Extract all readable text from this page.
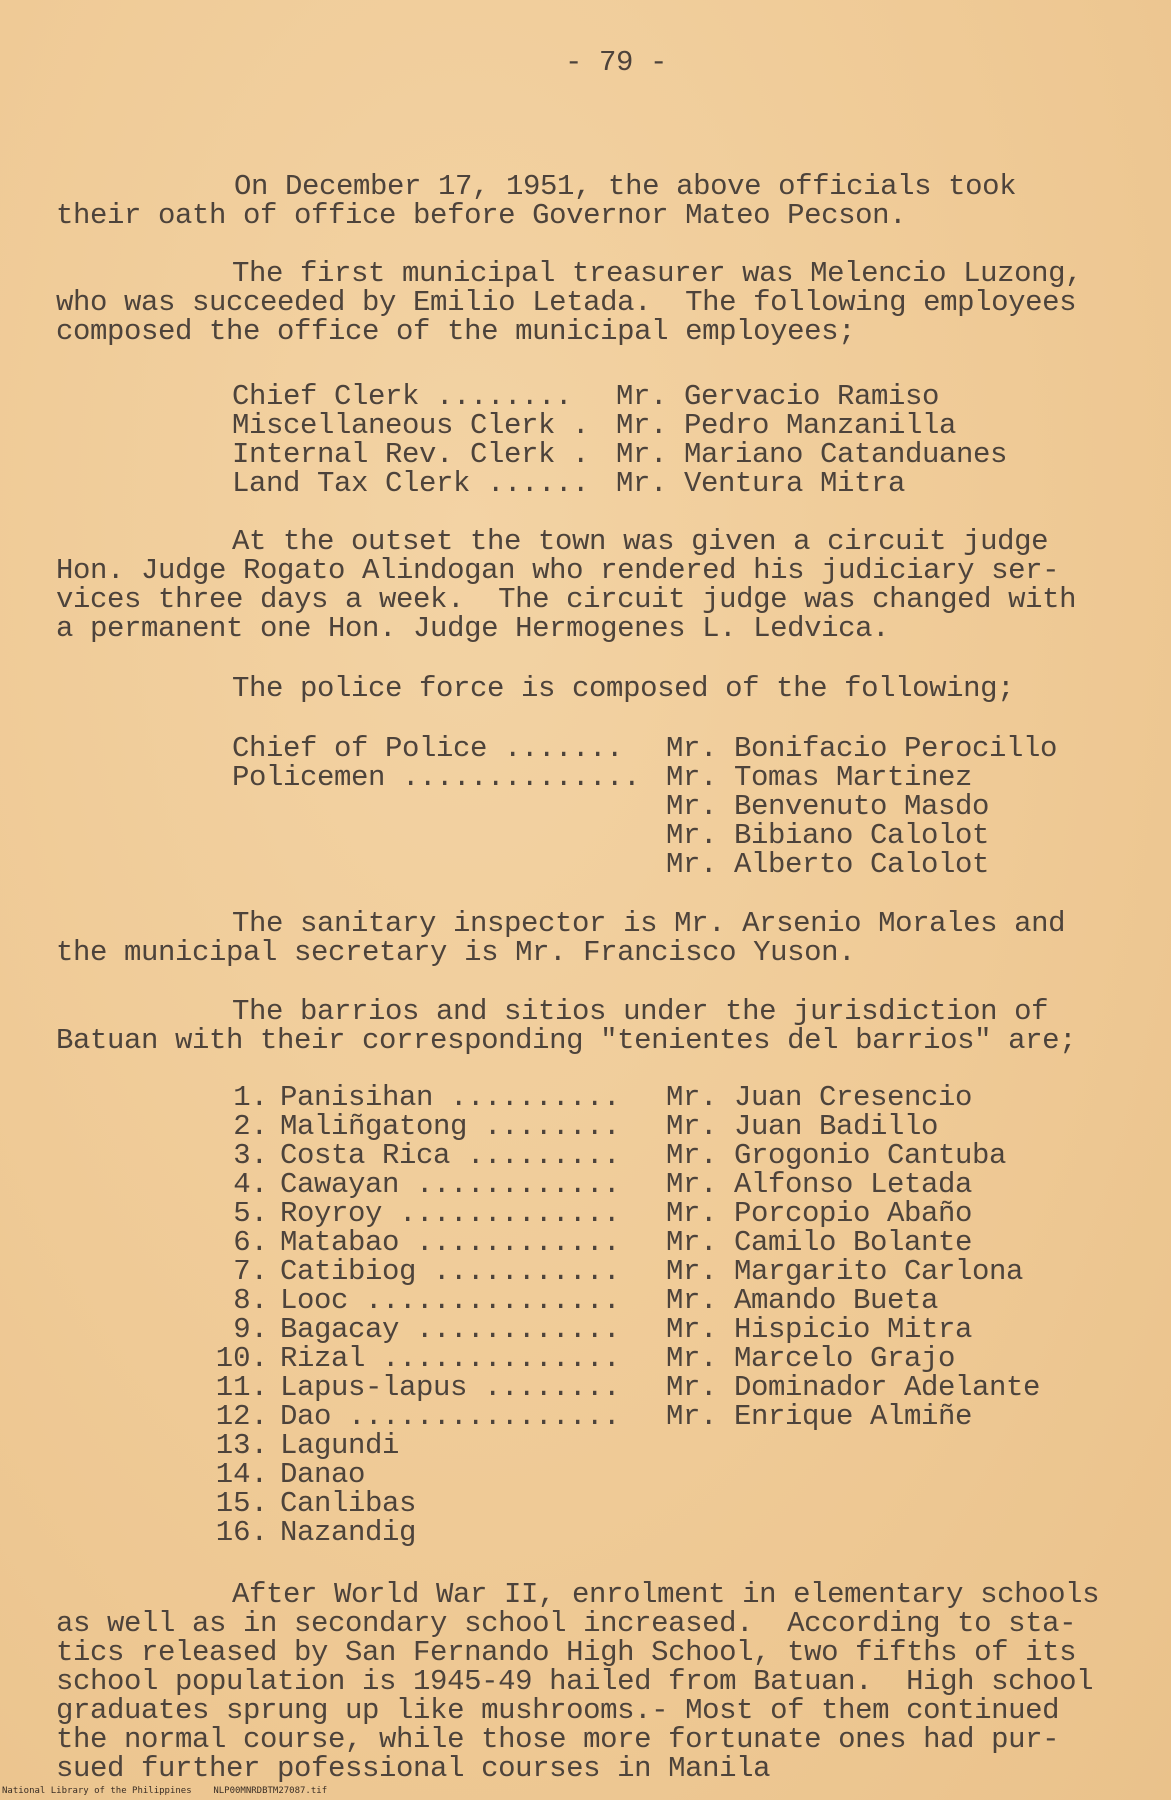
- 79 -
On December 17, 1951, the above officials took
their oath of office before Governor Mateo Pecson.
The first municipal treasurer was Melencio Luzong,
who was succeeded by Emilio Letada.  The following employees
composed the office of the municipal employees;
Chief Clerk ........ Mr. Gervacio Ramiso
Miscellaneous Clerk . Mr. Pedro Manzanilla
Internal Rev. Clerk . Mr. Mariano Catanduanes
Land Tax Clerk ...... Mr. Ventura Mitra
At the outset the town was given a circuit judge
Hon. Judge Rogato Alindogan who rendered his judiciary ser-
vices three days a week.  The circuit judge was changed with
a permanent one Hon. Judge Hermogenes L. Ledvica.
The police force is composed of the following;
Chief of Police ....... Mr. Bonifacio Perocillo
Policemen .............. Mr. Tomas Martinez
Mr. Benvenuto Masdo
Mr. Bibiano Calolot
Mr. Alberto Calolot
The sanitary inspector is Mr. Arsenio Morales and
the municipal secretary is Mr. Francisco Yuson.
The barrios and sitios under the jurisdiction of
Batuan with their corresponding "tenientes del barrios" are;
1. Panisihan .......... Mr. Juan Cresencio
2. Maliñgatong ........ Mr. Juan Badillo
3. Costa Rica ......... Mr. Grogonio Cantuba
4. Cawayan ............ Mr. Alfonso Letada
5. Royroy ............. Mr. Porcopio Abaño
6. Matabao ............ Mr. Camilo Bolante
7. Catibiog ........... Mr. Margarito Carlona
8. Looc ............... Mr. Amando Bueta
9. Bagacay ............ Mr. Hispicio Mitra
10. Rizal .............. Mr. Marcelo Grajo
11. Lapus-lapus ........ Mr. Dominador Adelante
12. Dao ................ Mr. Enrique Almiñe
13. Lagundi
14. Danao
15. Canlibas
16. Nazandig
After World War II, enrolment in elementary schools
as well as in secondary school increased.  According to sta-
tics released by San Fernando High School, two fifths of its
school population is 1945-49 hailed from Batuan.  High school
graduates sprung up like mushrooms.- Most of them continued
the normal course, while those more fortunate ones had pur-
sued further pofessional courses in Manila
National Library of the Philippines    NLP00MNRDBTM27087.tif
